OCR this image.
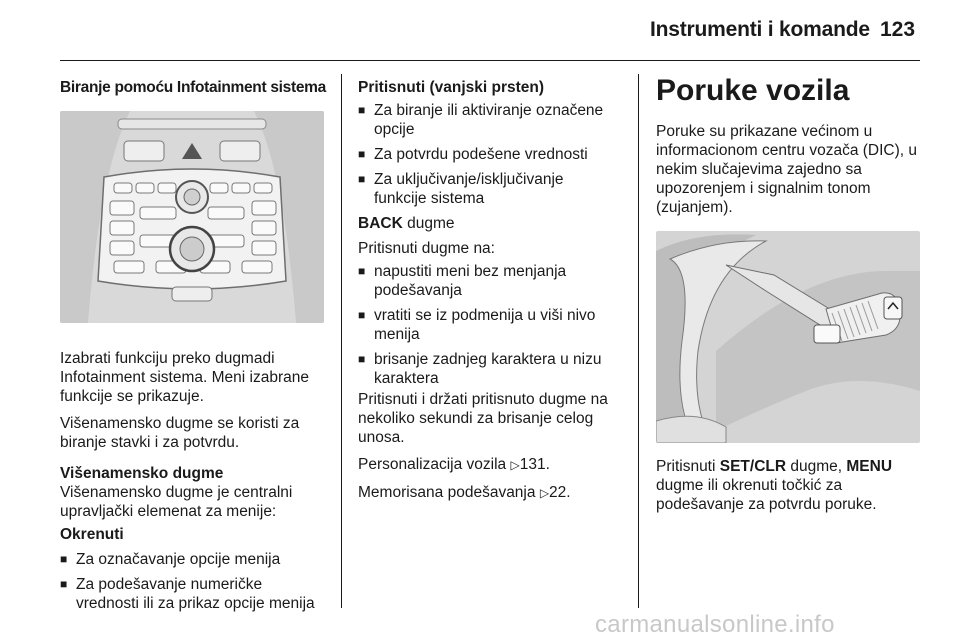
Instrumenti i komande 123
Biranje pomoću Infotainment sistema

Izabrati funkciju preko dugmadi Infotainment sistema. Meni izabrane funkcije se prikazuje.

Višenamensko dugme se koristi za biranje stavki i za potvrdu.

Višenamensko dugme

Višenamensko dugme je centralni upravljački elemenat za menije:

Okrenuti
■ Za označavanje opcije menija
■ Za podešavanje numeričke vrednosti ili za prikaz opcije menija
Pritisnuti (vanjski prsten)
■ Za biranje ili aktiviranje označene opcije
■ Za potvrdu podešene vrednosti
■ Za uključivanje/isključivanje funkcije sistema

BACK dugme

Pritisnuti dugme na:

■ napustiti meni bez menjanja podešavanja
■ vratiti se iz podmenija u viši nivo menija
■ brisanje zadnjeg karaktera u nizu karaktera

Pritisnuti i držati pritisnuto dugme na nekoliko sekundi za brisanje celog unosa.

Personalizacija vozila ▷131.

Memorisana podešavanja ▷22.

Poruke vozila

Poruke su prikazane većinom u informacionom centru vozača (DIC), u nekim slučajevima zajedno sa upozorenjem i signalnim tonom (zujanjem).

Pritisnuti SET/CLR dugme, MENU dugme ili okrenuti točkić za podešavanje za potvrdu poruke.

carmanualsonline.info
